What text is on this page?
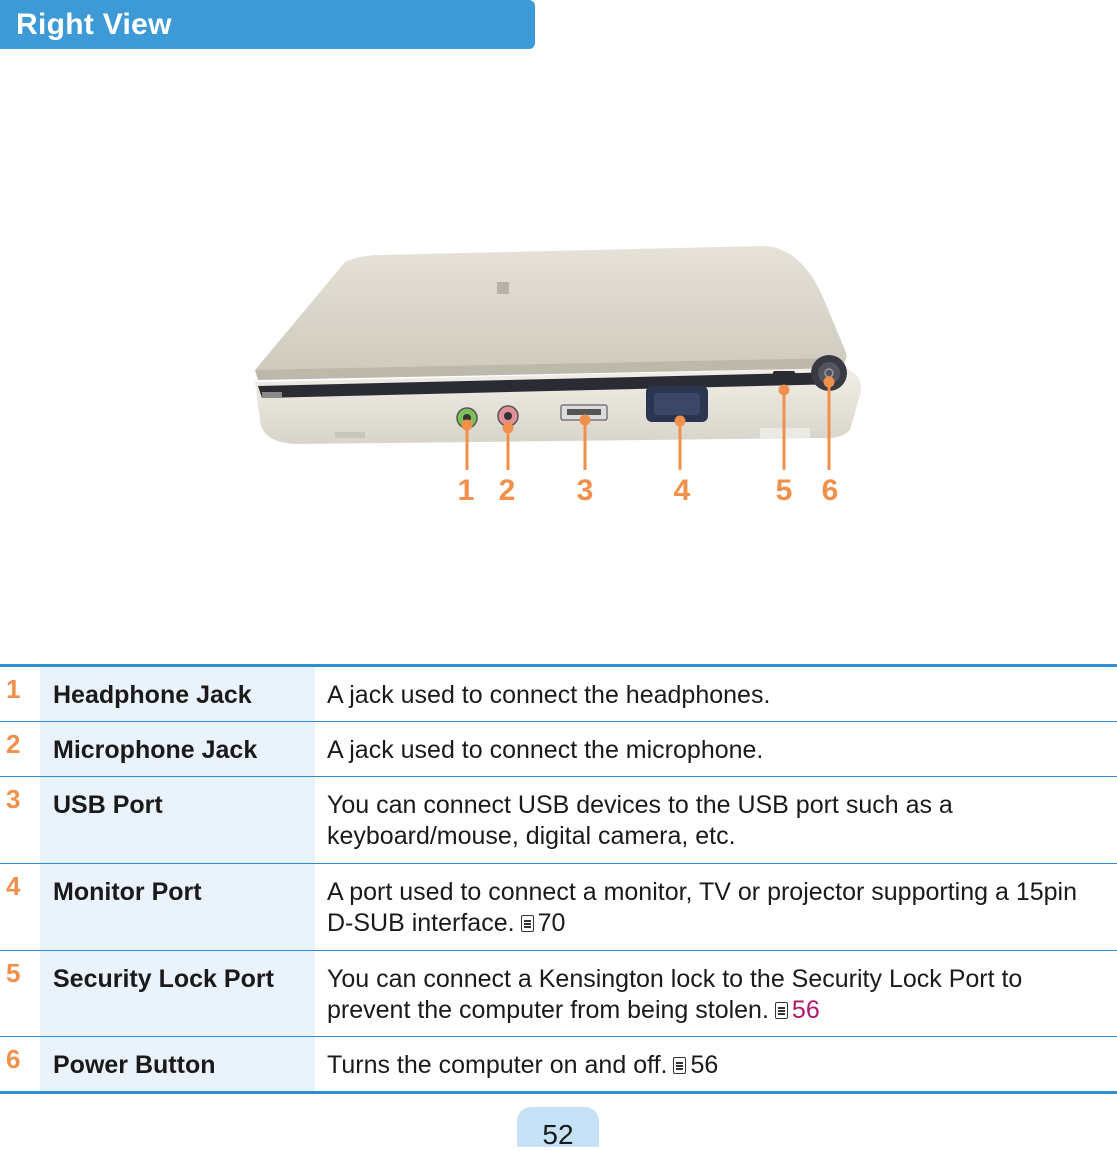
Right View
1 2 3	4	5 6
1	Headphone Jack	A jack used to connect the headphones.
2	Microphone Jack	A jack used to connect the microphone.
3	USB Port	You can connect USB devices to the USB port such as a keyboard/mouse, digital camera, etc.
4	Monitor Port	A port used to connect a monitor, TV or projector supporting a 15pin D-SUB interface. 70
5	Security Lock Port	You can connect a Kensington lock to the Security Lock Port to prevent the computer from being stolen. 56
6	Power Button	Turns the computer on and off. 56
52
